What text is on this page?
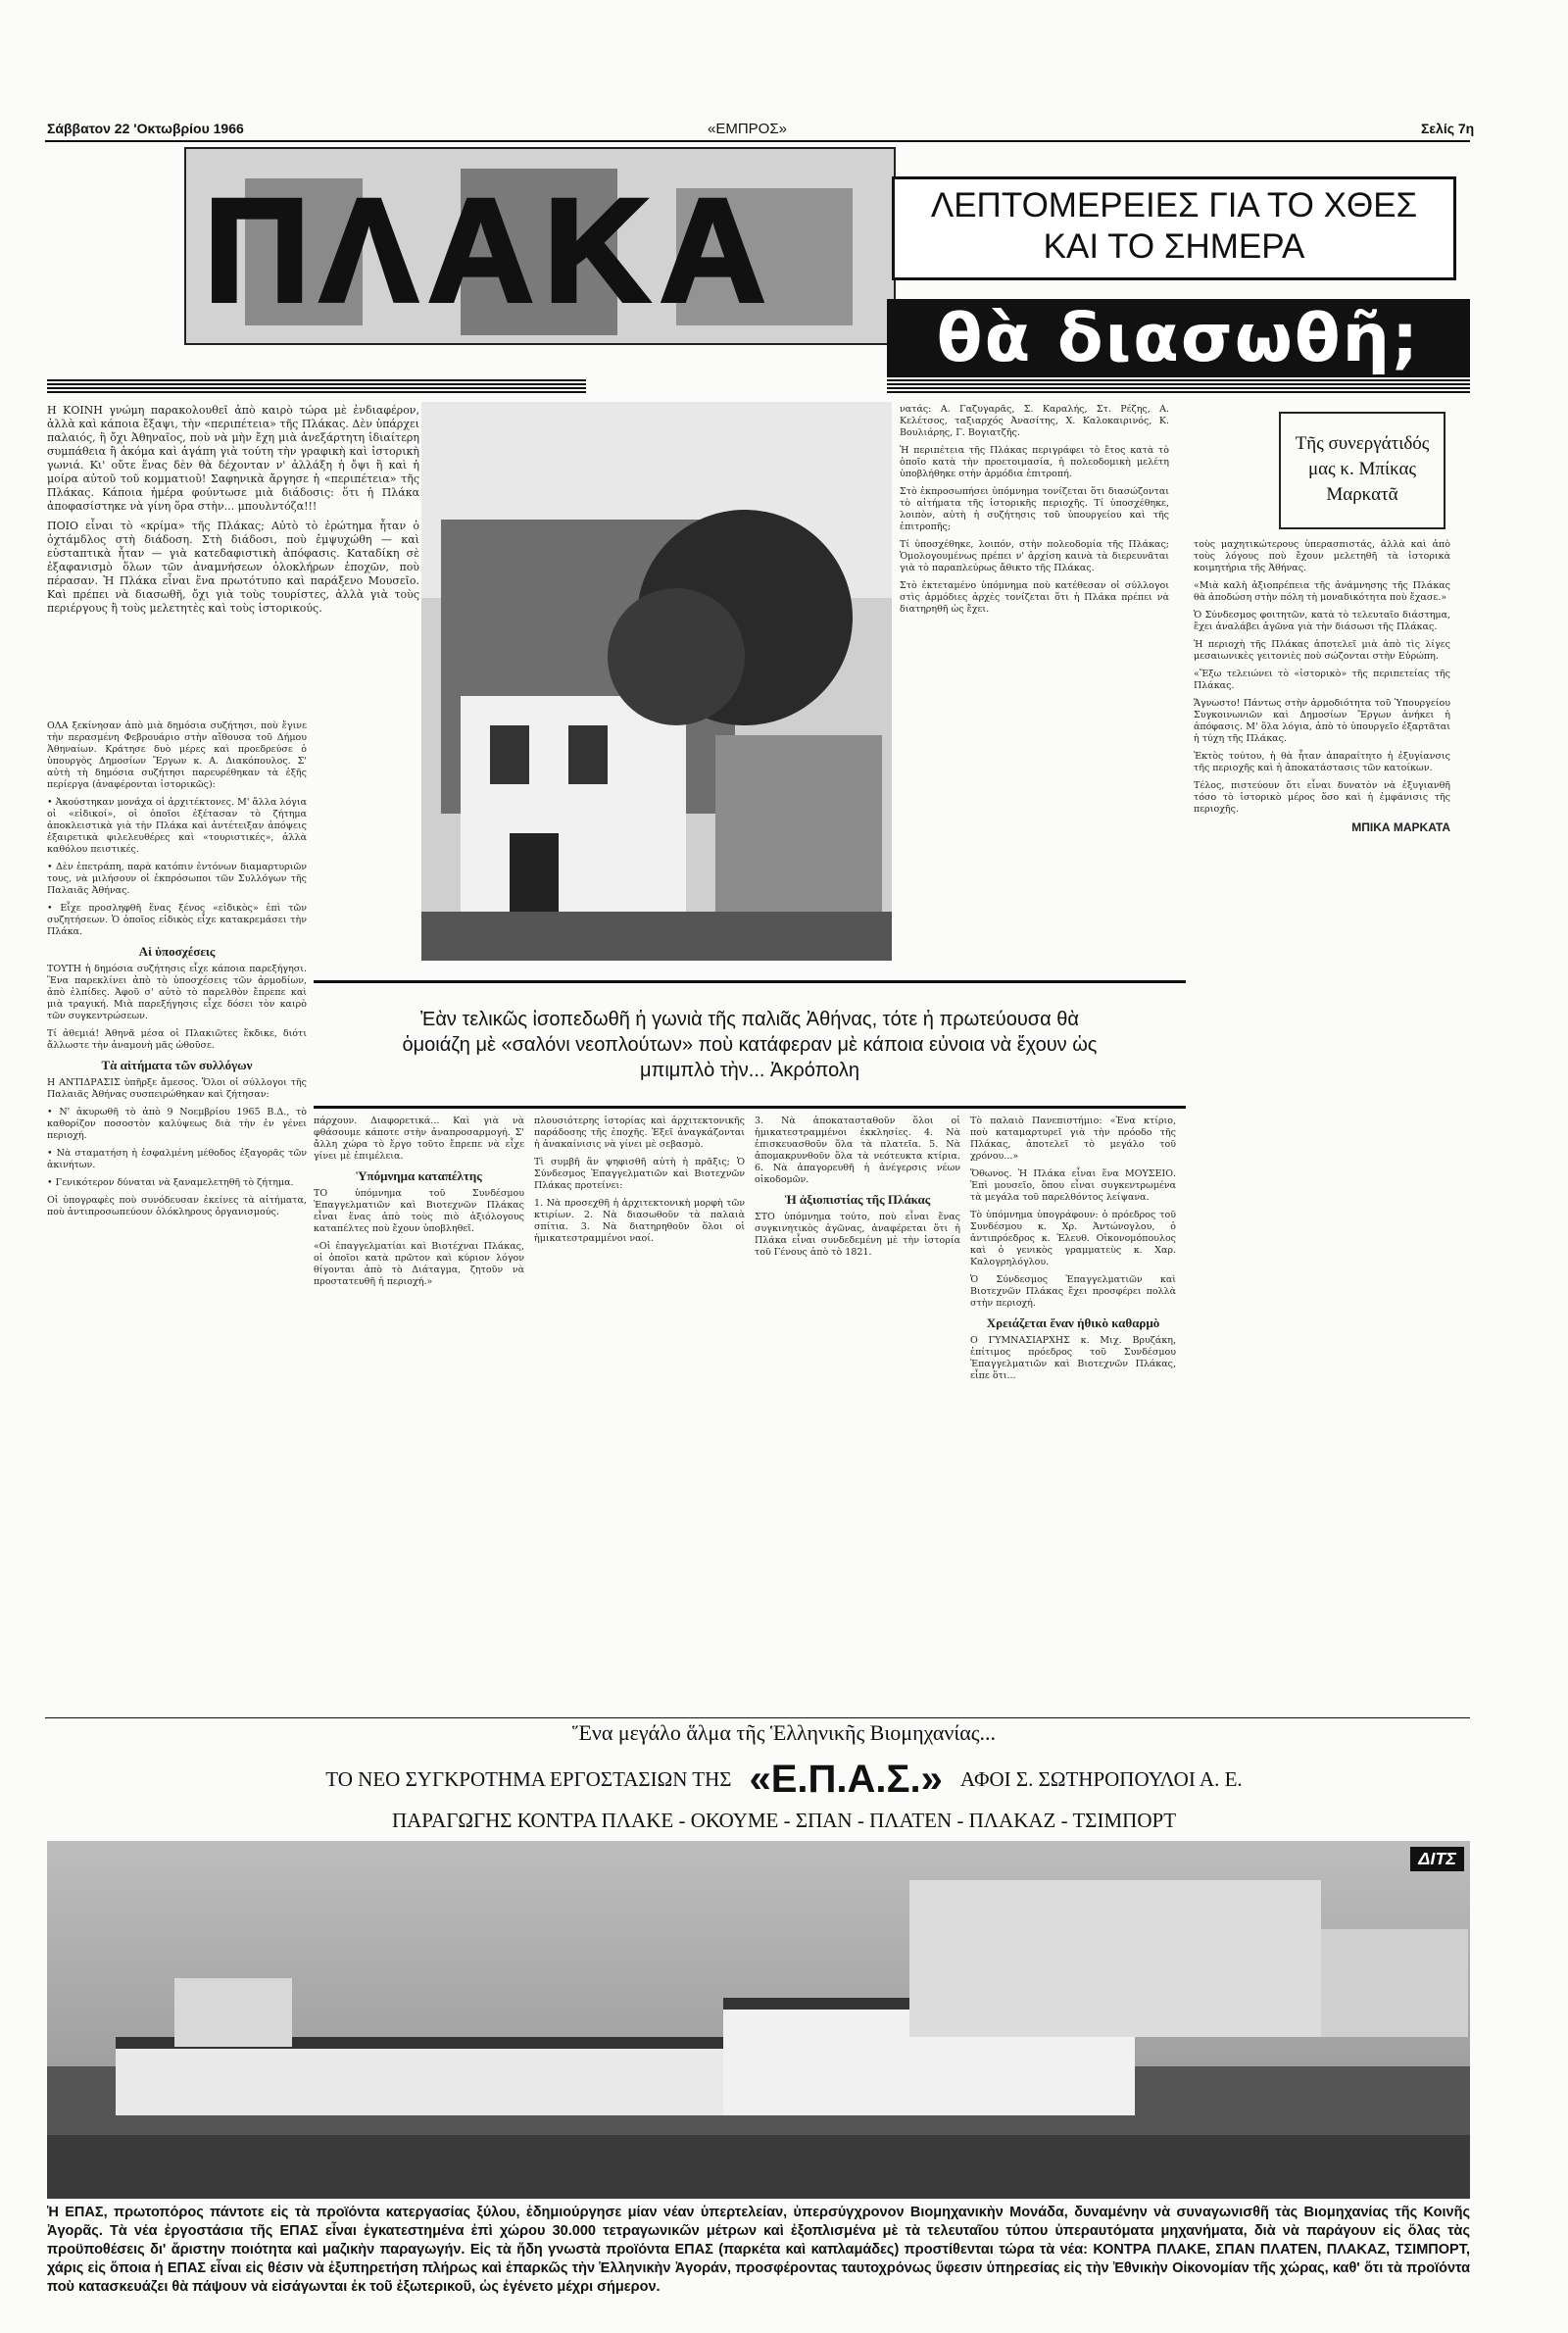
Σάββατον 22 'Οκτωβρίου 1966	«ΕΜΠΡΟΣ»	Σελίς 7η
ΠΛΑΚΑ	ΛΕΠΤΟΜΕΡΕΙΕΣ ΓΙΑ ΤΟ ΧΘΕΣ ΚΑΙ ΤΟ ΣΗΜΕΡΑ
θὰ διασωθῆ;
Τῆς συνεργάτιδός μας κ. Μπίκας Μαρκατᾶ

Η ΚΟΙΝΗ γνώμη παρακολουθεῖ ἀπὸ καιρὸ τώρα μὲ ἐνδιαφέρον, ἀλλὰ καὶ κάποια ἔξαψι, τὴν «περιπέτεια» τῆς Πλάκας. Δὲν ὑπάρχει παλαιός, ἢ ὄχι Ἀθηναῖος, ποὺ νὰ μὴν ἔχη μιὰ ἀνεξάρτητη ἰδιαίτερη συμπάθεια ἢ ἀκόμα καὶ ἀγάπη γιὰ τούτη τὴν γραφικὴ καὶ ἱστορικὴ γωνιά. Κι' οὔτε ἕνας δὲν θὰ δέχονταν ν' ἀλλάξη ἡ ὄψι ἢ καὶ ἡ μοίρα αὐτοῦ τοῦ κομματιοῦ! Σαφηνικὰ ἄργησε ἡ «περιπέτεια» τῆς Πλάκας. Κάποια ἡμέρα φούντωσε μιὰ διάδοσις: ὅτι ἡ Πλάκα ἀποφασίστηκε νὰ γίνη ὅρα στὴν... μπουλντόζα!!!

ΠΟΙΟ εἶναι τὸ «κρίμα» τῆς Πλάκας; Αὐτὸ τὸ ἐρώτημα ἦταν ὁ ὀχτάμδλος στὴ διάδοση. Στὴ διάδοσι, ποὺ ἐμψυχώθη — καὶ εὐσταπτικὰ ἦταν — γιὰ κατεδαφιστικὴ ἀπόφασις. Καταδίκη σὲ ἐξαφανισμὸ ὅλων τῶν ἀναμνήσεων ὁλοκλήρων ἐποχῶν, ποὺ πέρασαν. Ἡ Πλάκα εἶναι ἕνα πρωτότυπο καὶ παράξενο Μουσεῖο. Καὶ πρέπει νὰ διασωθῆ, ὄχι γιὰ τοὺς τουρίστες, ἀλλὰ γιὰ τοὺς περιέργους ἢ τοὺς μελετητὲς καὶ τοὺς ἱστορικούς.

ΟΛΑ ξεκίνησαν ἀπὸ μιὰ δημόσια συζήτησι, ποὺ ἔγινε τὴν περασμένη Φεβρουάριο στὴν αἴθουσα τοῦ Δήμου Ἀθηναίων. Κράτησε δυὸ μέρες καὶ προεδρεύσε ὁ ὑπουργὸς Δημοσίων Ἔργων κ. Α. Διακόπουλος. Σ' αὐτὴ τὴ δημόσια συζήτησι παρευρέθηκαν τὰ ἑξῆς περίεργα (ἀναφέρονται ἱστορικῶς):

• Ἀκούστηκαν μονάχα οἱ ἀρχιτέκτονες. Μ' ἄλλα λόγια οἱ «εἰδικοί», οἱ ὁποῖοι ἐξέτασαν τὸ ζήτημα ἀποκλειστικὰ γιὰ τὴν Πλάκα καὶ ἀντέτειξαν ἀπόψεις ἐξαιρετικὰ φιλελευθέρες καὶ «τουριστικές», ἀλλὰ καθόλου πειστικές.

• Δὲν ἐπετράπη, παρὰ κατόπιν ἐντόνων διαμαρτυριῶν τους, νὰ μιλήσουν οἱ ἐκπρόσωποι τῶν Συλλόγων τῆς Παλαιᾶς Ἀθήνας.

• Εἶχε προσληφθῆ ἕνας ξένος «εἰδικὸς» ἐπὶ τῶν συζητήσεων. Ὁ ὁποῖος εἰδικὸς εἶχε κατακρεμάσει τὴν Πλάκα.

Αἱ ὑποσχέσεις

ΤΟΥΤΗ ἡ δημόσια συζήτησις εἶχε κάποια παρεξήγησι. Ἕνα παρεκλίνει ἀπὸ τὸ ὑποσχέσεις τῶν ἁρμοδίων, ἀπὸ ἐλπίδες. Ἀφοῦ σ' αὐτὸ τὸ παρελθὸν ἔπρεπε καὶ μιὰ τραγική. Μιὰ παρεξήγησις εἶχε δόσει τὸν καιρὸ τῶν συγκεντρώσεων.

Τί ἀθεμιά! Ἀθηνᾶ μέσα οἱ Πλακιῶτες ἔκδικε, διότι ἄλλωστε τὴν ἀναμονὴ μᾶς ὠθοῦσε.

Τὰ αἰτήματα τῶν συλλόγων

Η ΑΝΤΙΔΡΑΣΙΣ ὑπῆρξε ἄμεσος. Ὅλοι οἱ σύλλογοι τῆς Παλαιᾶς Ἀθήνας συσπειρώθηκαν καὶ ζήτησαν:

• Ν' ἀκυρωθῆ τὸ ἀπὸ 9 Νοεμβρίου 1965 Β.Δ., τὸ καθορίζον ποσοστὸν καλύψεως διὰ τὴν ἐν γένει περιοχή.

• Νὰ σταματήση ἡ ἐσφαλμένη μέθοδος ἐξαγορᾶς τῶν ἀκινήτων.

• Γενικότερον δύναται νὰ ξαναμελετηθῆ τὸ ζήτημα.

Οἱ ὑπογραφὲς ποὺ συνόδευσαν ἐκείνες τὰ αἰτήματα, ποὺ ἀντιπροσωπεύουν ὁλόκληρους ὀργανισμούς.

νατάς: Α. Γαζυγαρᾶς, Σ. Καραλής, Στ. Ρέζης, Α. Κελέτσος, ταξιαρχός Ἀνασίτης, Χ. Καλοκαιρινός, Κ. Βουλιάρης, Γ. Βογιατζῆς.

Ἡ περιπέτεια τῆς Πλάκας περιγράφει τὸ ἔτος κατὰ τὸ ὁποῖο κατὰ τὴν προετοιμασία, ἡ πολεοδομικὴ μελέτη ὑποβλήθηκε στὴν ἀρμόδια ἐπιτροπή.

Στὸ ἐκπροσωπήσει ὑπόμνημα τονίζεται ὅτι διασώζονται τὸ αἰτήματα τῆς ἱστορικῆς περιοχῆς. Τί ὑποσχέθηκε, λοιπὸν, αὐτὴ ἡ συζήτησις τοῦ ὑπουργείου καὶ τῆς ἐπιτροπῆς;

Τί ὑποσχέθηκε, λοιπόν, στὴν πολεοδομία τῆς Πλάκας; Ὁμολογουμένως πρέπει ν' ἀρχίση καινὰ τὰ διερευνᾶται γιὰ τὸ παραπλεύρως ἄθικτο τῆς Πλάκας.

Στὸ ἐκτεταμένο ὑπόμνημα ποὺ κατέθεσαν οἱ σύλλογοι στὶς ἁρμόδιες ἀρχὲς τονίζεται ὅτι ἡ Πλάκα πρέπει νὰ διατηρηθῆ ὡς ἔχει.

τοὺς μαχητικώτερους ὑπερασπιστάς, ἀλλὰ καὶ ἀπὸ τοὺς λόγους ποὺ ἔχουν μελετηθῆ τὰ ἱστορικὰ κοιμητήρια τῆς Ἀθήνας.

«Μιὰ καλὴ ἀξιοπρέπεια τῆς ἀνάμνησης τῆς Πλάκας θὰ ἀποδώση στὴν πόλη τὴ μοναδικότητα ποὺ ἔχασε.»

Ὁ Σύνδεσμος φοιτητῶν, κατὰ τὸ τελευταῖο διάστημα, ἔχει ἀναλάβει ἀγῶνα γιὰ τὴν διάσωσι τῆς Πλάκας.

Ἡ περιοχὴ τῆς Πλάκας ἀποτελεῖ μιὰ ἀπὸ τὶς λίγες μεσαιωνικὲς γειτονιὲς ποὺ σώζονται στὴν Εὐρώπη.

«Ἔξω τελειώνει τὸ «ἰστορικὸ» τῆς περιπετείας τῆς Πλάκας.

Ἄγνωστο! Πάντως στὴν ἀρμοδιότητα τοῦ Ὑπουργείου Συγκοινωνιῶν καὶ Δημοσίων Ἔργων ἀνήκει ἡ ἀπόφασις. Μ' ὅλα λόγια, ἀπὸ τὸ ὑπουργεῖο ἐξαρτᾶται ἡ τύχη τῆς Πλάκας.

Ἐκτὸς τούτου, ἡ θὰ ἦταν ἀπαραίτητο ἡ ἐξυγίανσις τῆς περιοχῆς καὶ ἡ ἀποκατάστασις τῶν κατοίκων.

Τέλος, πιστεύουν ὅτι εἶναι δυνατὸν νὰ ἐξυγιανθῆ τόσο τὸ ἱστορικὸ μέρος ὅσο καὶ ἡ ἐμφάνισις τῆς περιοχῆς.

ΜΠΙΚΑ ΜΑΡΚΑΤΑ
Ἐὰν τελικῶς ἰσοπεδωθῆ ἡ γωνιὰ τῆς παλιᾶς Ἀθήνας, τότε ἡ πρωτεύουσα θὰ ὁμοιάζη μὲ «σαλόνι νεοπλούτων» ποὺ κατάφεραν μὲ κάποια εὐνοια νὰ ἔχουν ὡς μπιμπλὸ τὴν... Ἀκρόπολη

πάρχουν. Διαφορετικά... Καὶ γιὰ νὰ φθάσουμε κάποτε στὴν ἀναπροσαρμογή. Σ' ἄλλη χώρα τὸ ἔργο τοῦτο ἔπρεπε νὰ εἶχε γίνει μὲ ἐπιμέλεια.

Ὑπόμνημα καταπέλτης

ΤΟ ὑπόμνημα τοῦ Συνδέσμου Ἐπαγγελματιῶν καὶ Βιοτεχνῶν Πλάκας εἶναι ἕνας ἀπὸ τοὺς πιὸ ἀξιόλογους καταπέλτες ποὺ ἔχουν ὑποβληθεῖ.

«Οἱ ἐπαγγελματίαι καὶ Βιοτέχναι Πλάκας, οἱ ὁποῖοι κατὰ πρῶτον καὶ κύριον λόγον θίγονται ἀπὸ τὸ Διάταγμα, ζητοῦν νὰ προστατευθῆ ἡ περιοχή.»

πλουσιότερης ἱστορίας καὶ ἀρχιτεκτονικῆς παράδοσης τῆς ἐποχῆς. Ἐξεῖ ἀναγκάζονται ἡ ἀνακαίνισις νὰ γίνει μὲ σεβασμὸ.

Τὶ συμβῆ ἂν ψηφισθῆ αὐτὴ ἡ πρᾶξις; Ὁ Σύνδεσμος Ἐπαγγελματιῶν καὶ Βιοτεχνῶν Πλάκας προτείνει:

1. Νὰ προσεχθῆ ἡ ἀρχιτεκτονικὴ μορφὴ τῶν κτιρίων. 2. Νὰ διασωθοῦν τὰ παλαιὰ σπίτια. 3. Νὰ διατηρηθοῦν ὅλοι οἱ ἡμικατεστραμμένοι ναοί.

3. Νὰ ἀποκατασταθοῦν ὅλοι οἱ ἡμικατεστραμμένοι ἐκκλησίες. 4. Νὰ ἐπισκευασθοῦν ὅλα τὰ πλατεῖα. 5. Νὰ ἀπομακρυνθοῦν ὅλα τὰ νεότευκτα κτίρια. 6. Νὰ ἀπαγορευθῆ ἡ ἀνέγερσις νέων οἰκοδομῶν.

Ἡ ἀξιοπιστίας τῆς Πλάκας

ΣΤΟ ὑπόμνημα τούτο, ποὺ εἶναι ἕνας συγκινητικὸς ἀγῶνας, ἀναφέρεται ὅτι ἡ Πλάκα εἶναι συνδεδεμένη μὲ τὴν ἱστορία τοῦ Γένους ἀπὸ τὸ 1821.

Τὸ παλαιὸ Πανεπιστήμιο: «Ἐνα κτίριο, ποὺ καταμαρτυρεῖ γιὰ τὴν πρόοδο τῆς Πλάκας, ἀποτελεῖ τὸ μεγάλο τοῦ χρόνου...»

Ὅθωνος. Ἡ Πλάκα εἶναι ἕνα ΜΟΥΣΕΙΟ. Ἐπὶ μουσεῖο, ὅπου εἶναι συγκεντρωμένα τὰ μεγάλα τοῦ παρελθόντος λείψανα.

Τὸ ὑπόμνημα ὑπογράφουν: ὁ πρόεδρος τοῦ Συνδέσμου κ. Χρ. Ἀντώνογλου, ὁ ἀντιπρόεδρος κ. Ἐλευθ. Οἰκονομόπουλος καὶ ὁ γενικὸς γραμματεὺς κ. Χαρ. Καλογρηλόγλου.

Ὁ Σύνδεσμος Ἐπαγγελματιῶν καὶ Βιοτεχνῶν Πλάκας ἔχει προσφέρει πολλὰ στὴν περιοχή.

Χρειάζεται ἕναν ἠθικὸ καθαρμὸ

Ο ΓΥΜΝΑΣΙΑΡΧΗΣ κ. Μιχ. Βρυζάκη, ἐπίτιμος πρόεδρος τοῦ Συνδέσμου Ἐπαγγελματιῶν καὶ Βιοτεχνῶν Πλάκας, εἶπε ὅτι...

Ἕνα μεγάλο ἅλμα τῆς Ἑλληνικῆς Βιομηχανίας...
ΤΟ ΝΕΟ ΣΥΓΚΡΟΤΗΜΑ ΕΡΓΟΣΤΑΣΙΩΝ ΤΗΣ «Ε.Π.Α.Σ.» ΑΦΟΙ Σ. ΣΩΤΗΡΟΠΟΥΛΟΙ Α. Ε.
ΠΑΡΑΓΩΓΗΣ ΚΟΝΤΡΑ ΠΛΑΚΕ - ΟΚΟΥΜΕ - ΣΠΑΝ - ΠΛΑΤΕΝ - ΠΛΑΚΑΖ - ΤΣΙΜΠΟΡΤ
ΔΙΤΣ
Ἡ ΕΠΑΣ, πρωτοπόρος πάντοτε εἰς τὰ προϊόντα κατεργασίας ξύλου, ἐδημιούργησε μίαν νέαν ὑπερτελείαν, ὑπερσύγχρονον Βιομηχανικὴν Μονάδα, δυναμένην νὰ συναγωνισθῆ τὰς Βιομηχανίας τῆς Κοινῆς Ἀγορᾶς. Τὰ νέα ἐργοστάσια τῆς ΕΠΑΣ εἶναι ἐγκατεστημένα ἐπὶ χώρου 30.000 τετραγωνικῶν μέτρων καὶ ἐξοπλισμένα μὲ τὰ τελευταῖου τύπου ὑπεραυτόματα μηχανήματα, διὰ νὰ παράγουν εἰς ὅλας τὰς προϋποθέσεις δι' ἄριστην ποιότητα καὶ μαζικὴν παραγωγήν. Εἰς τὰ ἤδη γνωστὰ προϊόντα ΕΠΑΣ (παρκέτα καὶ καπλαμάδες) προστίθενται τώρα τὰ νέα: ΚΟΝΤΡΑ ΠΛΑΚΕ, ΣΠΑΝ ΠΛΑΤΕΝ, ΠΛΑΚΑΖ, ΤΣΙΜΠΟΡΤ, χάρις εἰς ὅποια ἡ ΕΠΑΣ εἶναι εἰς θέσιν νὰ ἐξυπηρετήση πλήρως καὶ ἐπαρκῶς τὴν Ἑλληνικὴν Ἀγοράν, προσφέροντας ταυτοχρόνως ὕφεσιν ὑπηρεσίας εἰς τὴν Ἐθνικὴν Οἰκονομίαν τῆς χώρας, καθ' ὅτι τὰ προϊόντα ποὺ κατασκευάζει θὰ πάψουν νὰ εἰσάγωνται ἐκ τοῦ ἐξωτερικοῦ, ὡς ἐγένετο μέχρι σήμερον.
